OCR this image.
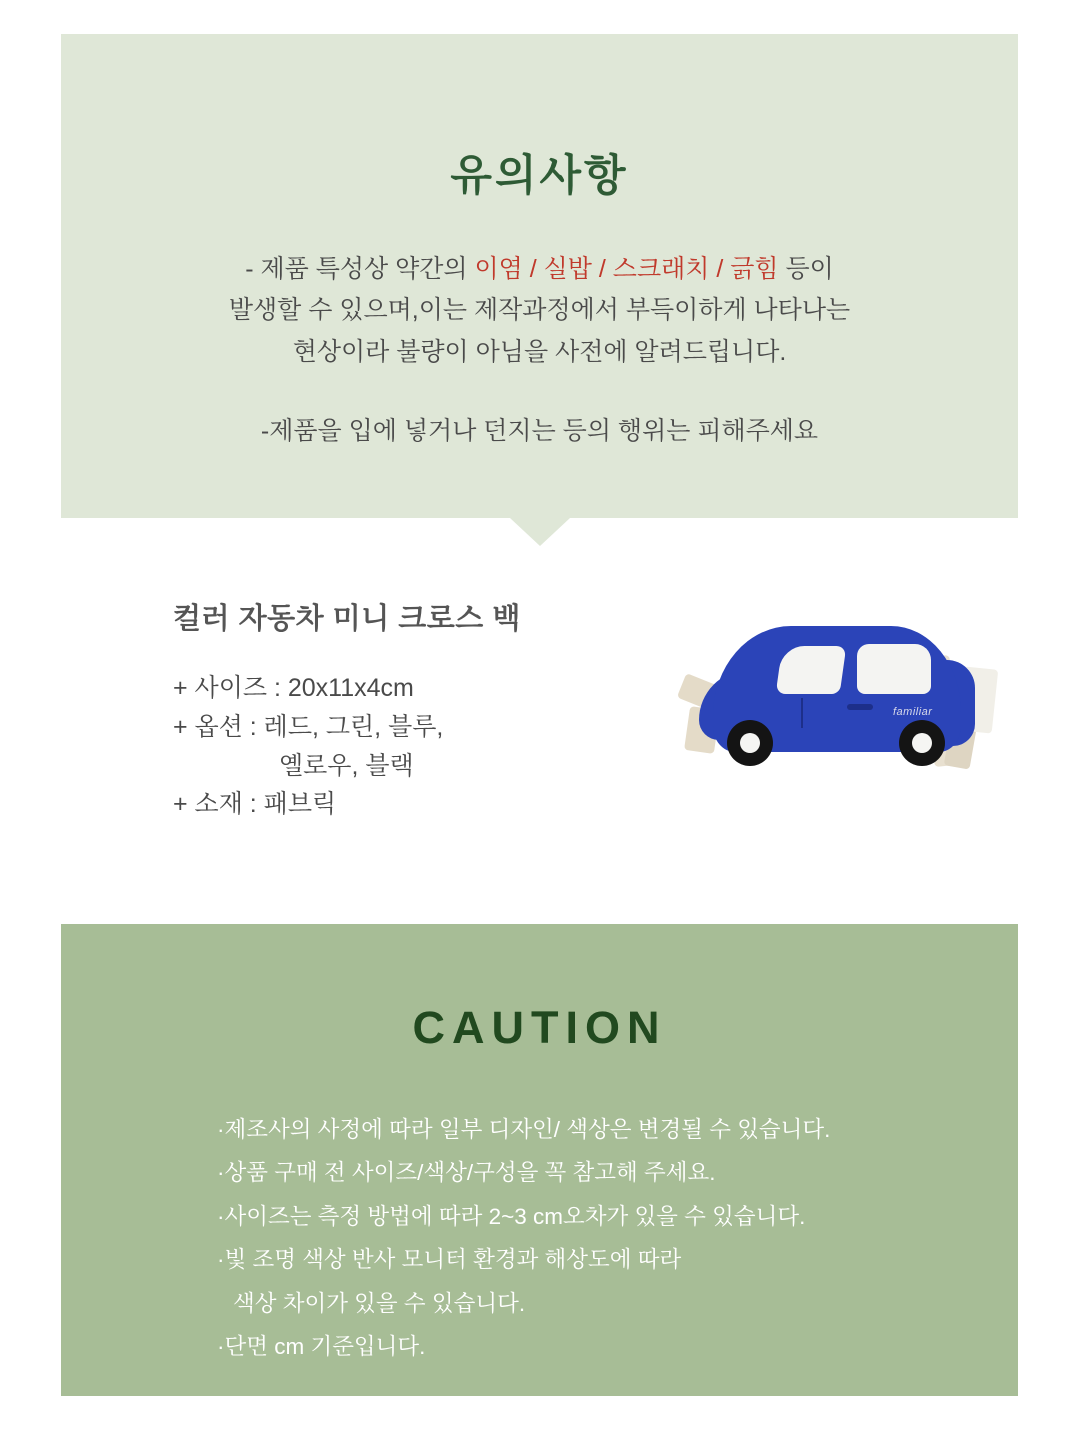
유의사항
- 제품 특성상 약간의 이염 / 실밥 / 스크래치 / 긁힘 등이
발생할 수 있으며,이는 제작과정에서 부득이하게 나타나는
현상이라 불량이 아님을 사전에 알려드립니다.
-제품을 입에 넣거나 던지는 등의 행위는 피해주세요
컬러 자동차 미니 크로스 백
+ 사이즈 : 20x11x4cm
+ 옵션 : 레드, 그린, 블루,
옐로우, 블랙
+ 소재 : 패브릭
familiar
CAUTION
·제조사의 사정에 따라 일부 디자인/ 색상은 변경될 수 있습니다.
·상품 구매 전 사이즈/색상/구성을 꼭 참고해 주세요.
·사이즈는 측정 방법에 따라 2~3 cm오차가 있을 수 있습니다.
·빛 조명 색상 반사 모니터 환경과 해상도에 따라
색상 차이가 있을 수 있습니다.
·단면 cm 기준입니다.
